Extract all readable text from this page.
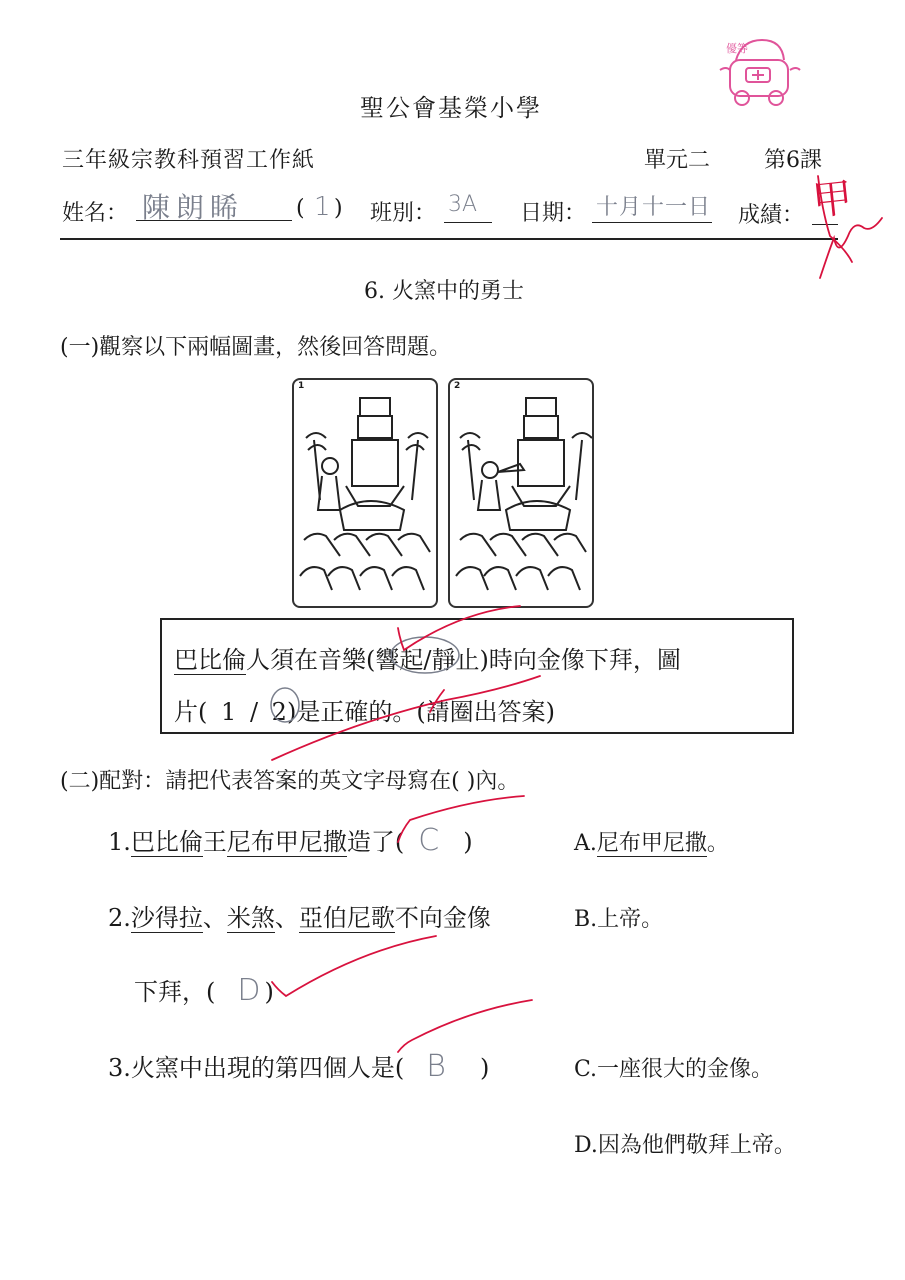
聖公會基榮小學
優等
三年級宗教科預習工作紙	單元二 第6課
姓名： 陳朗睎 ( 1 ) 班別： 3A 日期： 十月十一日 成績： 甲
6. 火窯中的勇士
(一)觀察以下兩幅圖畫，然後回答問題。
1	2
巴比倫人須在音樂(響起/靜止)時向金像下拜，圖
片( 1 / 2)是正確的。(請圈出答案)
(二)配對：請把代表答案的英文字母寫在( )內。
1.巴比倫王尼布甲尼撒造了( C )
2.沙得拉、米煞、亞伯尼歌不向金像
下拜，( D )
3.火窯中出現的第四個人是( B )
A.尼布甲尼撒。
B.上帝。
C.一座很大的金像。
D.因為他們敬拜上帝。
